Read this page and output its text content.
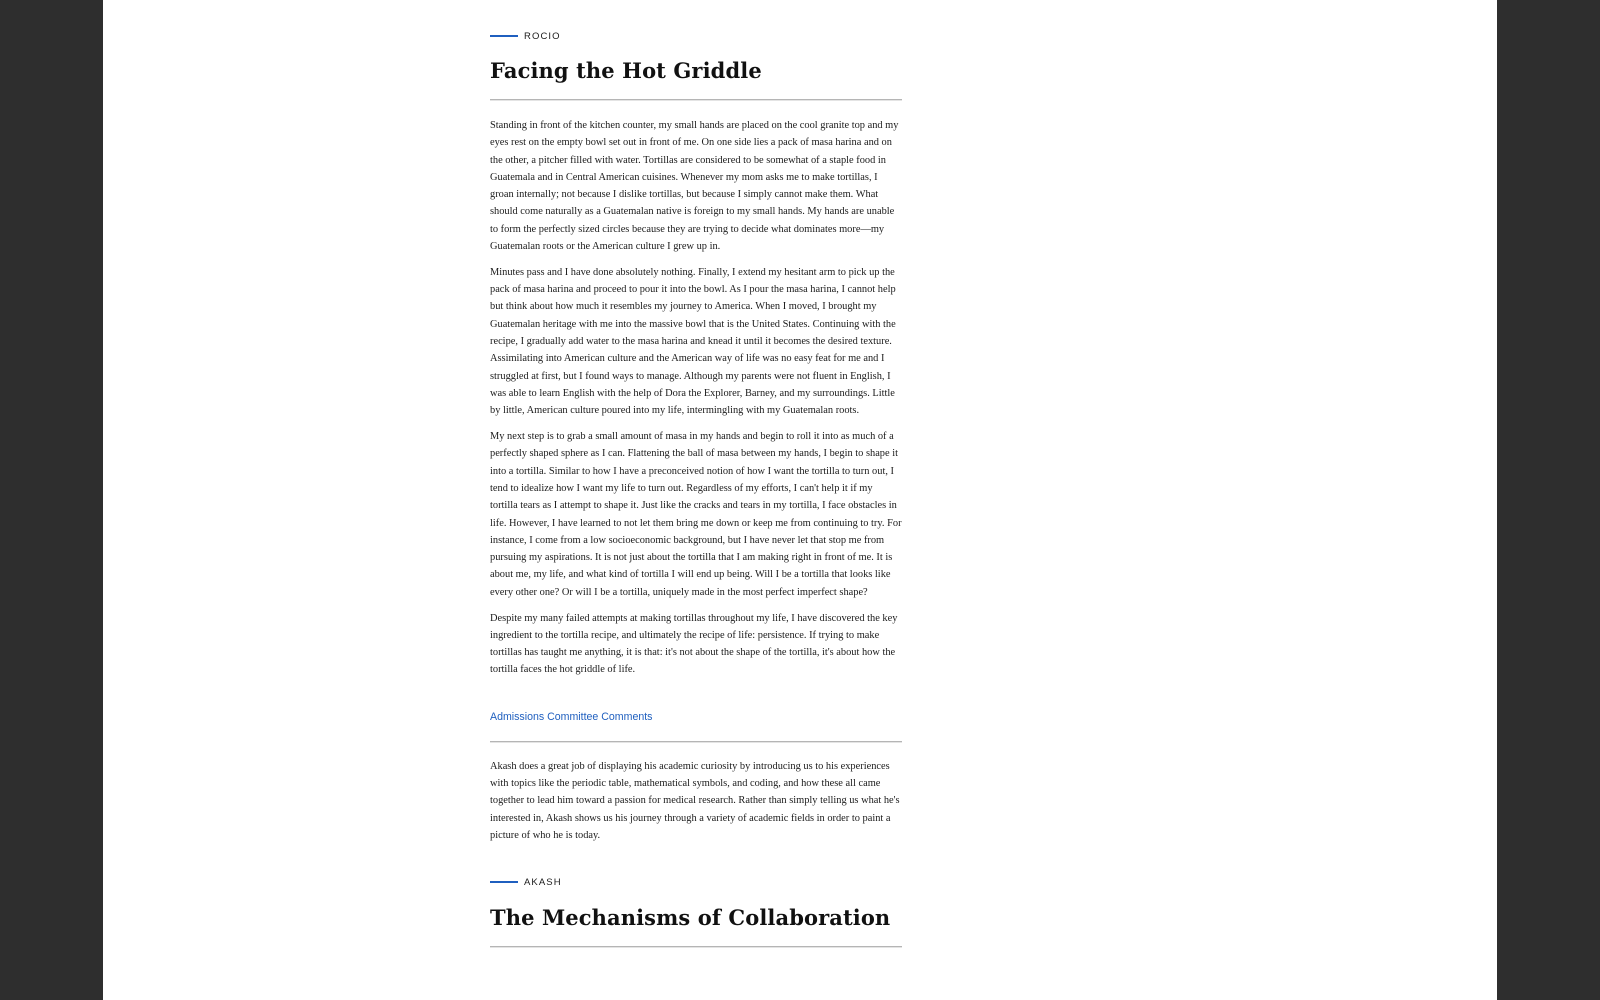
ROCIO
Facing the Hot Griddle

Standing in front of the kitchen counter, my small hands are placed on the cool granite top and my eyes rest on the empty bowl set out in front of me. On one side lies a pack of masa harina and on the other, a pitcher filled with water. Tortillas are considered to be somewhat of a staple food in Guatemala and in Central American cuisines. Whenever my mom asks me to make tortillas, I groan internally; not because I dislike tortillas, but because I simply cannot make them. What should come naturally as a Guatemalan native is foreign to my small hands. My hands are unable to form the perfectly sized circles because they are trying to decide what dominates more—my Guatemalan roots or the American culture I grew up in.

Minutes pass and I have done absolutely nothing. Finally, I extend my hesitant arm to pick up the pack of masa harina and proceed to pour it into the bowl. As I pour the masa harina, I cannot help but think about how much it resembles my journey to America. When I moved, I brought my Guatemalan heritage with me into the massive bowl that is the United States. Continuing with the recipe, I gradually add water to the masa harina and knead it until it becomes the desired texture. Assimilating into American culture and the American way of life was no easy feat for me and I struggled at first, but I found ways to manage. Although my parents were not fluent in English, I was able to learn English with the help of Dora the Explorer, Barney, and my surroundings. Little by little, American culture poured into my life, intermingling with my Guatemalan roots.

My next step is to grab a small amount of masa in my hands and begin to roll it into as much of a perfectly shaped sphere as I can. Flattening the ball of masa between my hands, I begin to shape it into a tortilla. Similar to how I have a preconceived notion of how I want the tortilla to turn out, I tend to idealize how I want my life to turn out. Regardless of my efforts, I can't help it if my tortilla tears as I attempt to shape it. Just like the cracks and tears in my tortilla, I face obstacles in life. However, I have learned to not let them bring me down or keep me from continuing to try. For instance, I come from a low socioeconomic background, but I have never let that stop me from pursuing my aspirations. It is not just about the tortilla that I am making right in front of me. It is about me, my life, and what kind of tortilla I will end up being. Will I be a tortilla that looks like every other one? Or will I be a tortilla, uniquely made in the most perfect imperfect shape?

Despite my many failed attempts at making tortillas throughout my life, I have discovered the key ingredient to the tortilla recipe, and ultimately the recipe of life: persistence. If trying to make tortillas has taught me anything, it is that: it's not about the shape of the tortilla, it's about how the tortilla faces the hot griddle of life.

Admissions Committee Comments

Akash does a great job of displaying his academic curiosity by introducing us to his experiences with topics like the periodic table, mathematical symbols, and coding, and how these all came together to lead him toward a passion for medical research. Rather than simply telling us what he's interested in, Akash shows us his journey through a variety of academic fields in order to paint a picture of who he is today.

AKASH
The Mechanisms of Collaboration
